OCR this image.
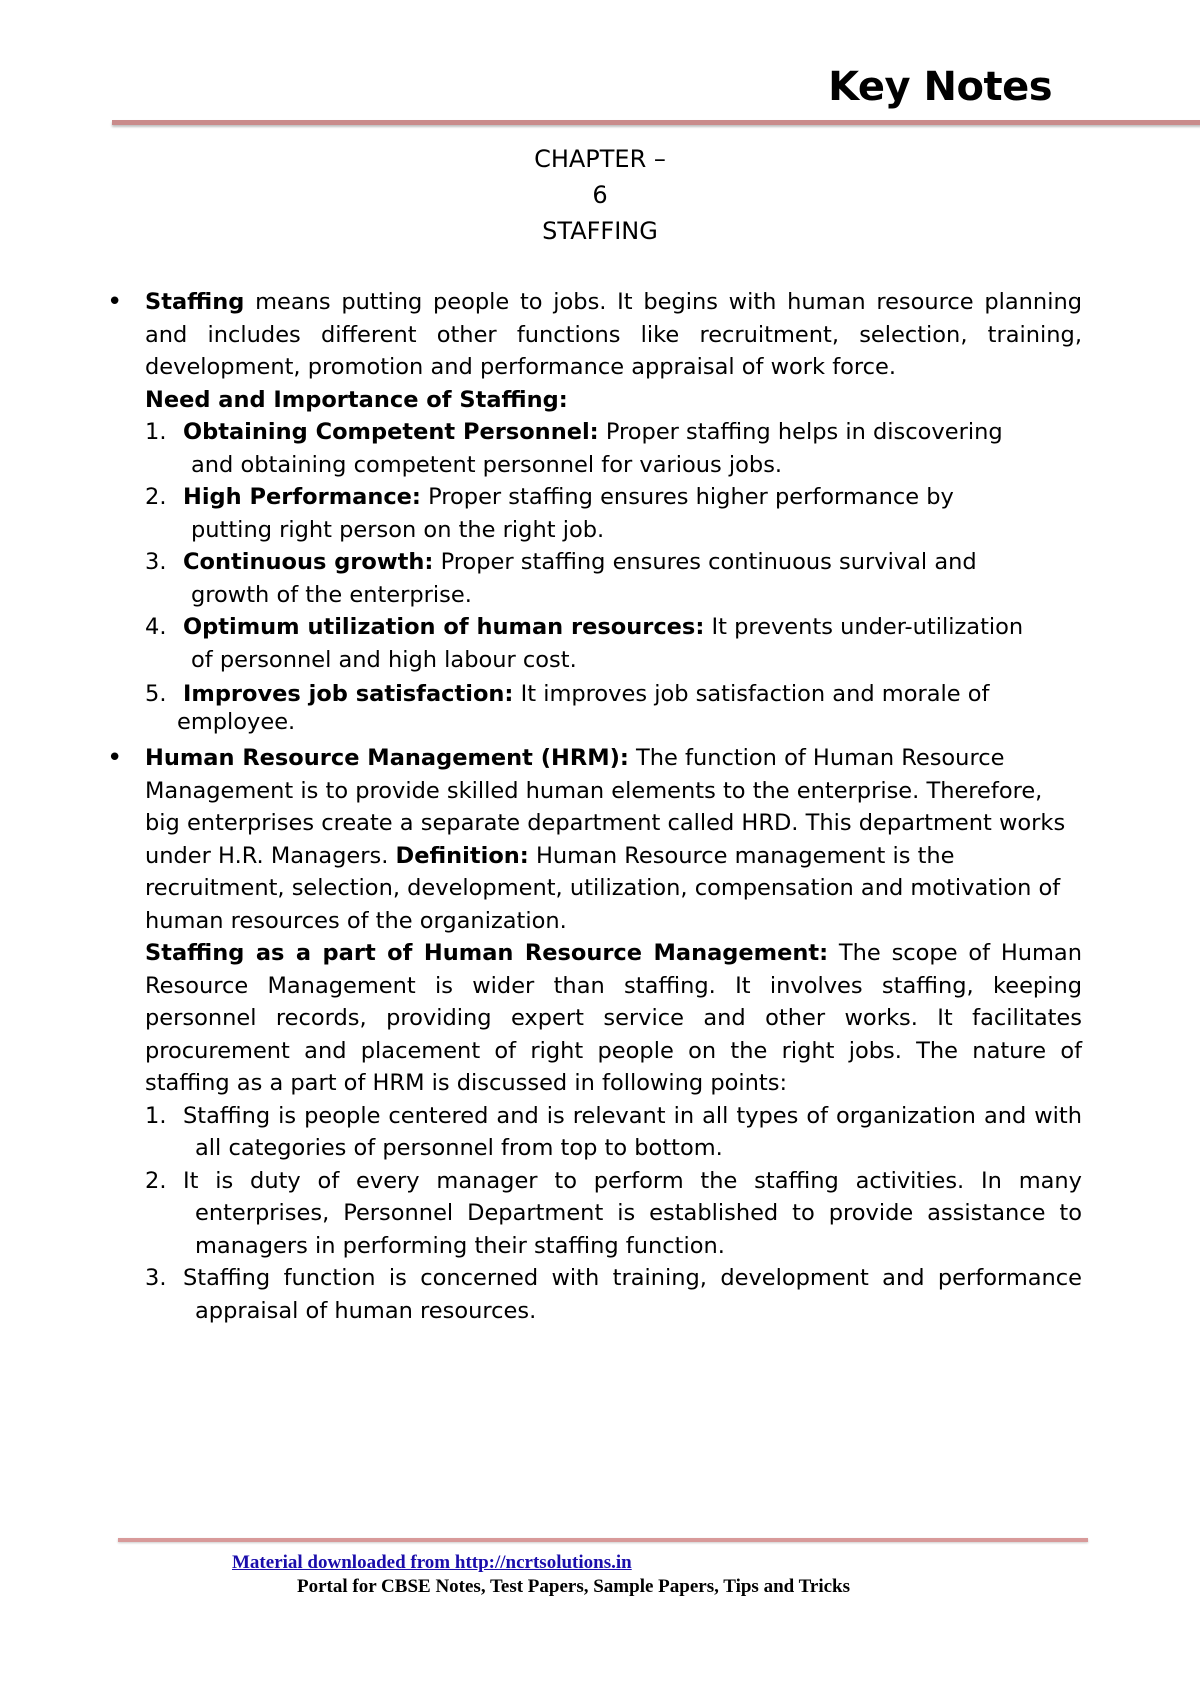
Key Notes
CHAPTER –
6
STAFFING
• Staffing means putting people to jobs. It begins with human resource planning and includes different other functions like recruitment, selection, training, development, promotion and performance appraisal of work force.
Need and Importance of Staffing:
1. Obtaining Competent Personnel: Proper staffing helps in discovering
and obtaining competent personnel for various jobs.
2. High Performance: Proper staffing ensures higher performance by
putting right person on the right job.
3. Continuous growth: Proper staffing ensures continuous survival and
growth of the enterprise.
4. Optimum utilization of human resources: It prevents under-utilization
of personnel and high labour cost.
5. Improves job satisfaction: It improves job satisfaction and morale of
employee.
• Human Resource Management (HRM): The function of Human Resource Management is to provide skilled human elements to the enterprise. Therefore, big enterprises create a separate department called HRD. This department works under H.R. Managers. Definition: Human Resource management is the recruitment, selection, development, utilization, compensation and motivation of human resources of the organization.
Staffing as a part of Human Resource Management: The scope of Human Resource Management is wider than staffing. It involves staffing, keeping personnel records, providing expert service and other works. It facilitates procurement and placement of right people on the right jobs. The nature of staffing as a part of HRM is discussed in following points:
1. Staffing is people centered and is relevant in all types of organization and with all categories of personnel from top to bottom.
2. It is duty of every manager to perform the staffing activities. In many enterprises, Personnel Department is established to provide assistance to managers in performing their staffing function.
3. Staffing function is concerned with training, development and performance appraisal of human resources.
Material downloaded from http://ncrtsolutions.in
Portal for CBSE Notes, Test Papers, Sample Papers, Tips and Tricks
